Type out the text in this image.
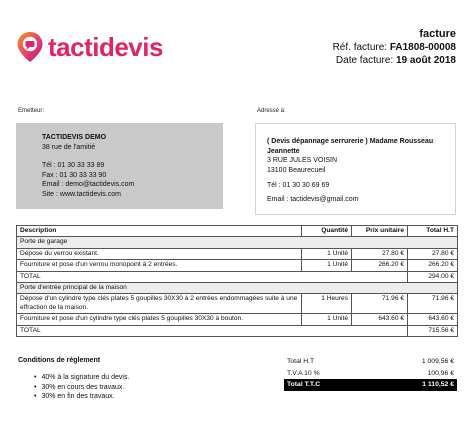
tactidevis	facture
Réf. facture: FA1808-00008
Date facture: 19 août 2018
Emetteur:	Adressé à:
TACTIDEVIS DEMO
38 rue de l'amitié
Tél : 01 30 33 33 89
Fax : 01 30 33 33 90
Email : demo@tactidevis.com
Site : www.tactidevis.com
( Devis dépannage serrurerie ) Madame Rousseau Jeannette
3 RUE JULES VOISIN
13100 Beaurecueil
Tél : 01 30 30 69 69
Email : tactidevis@gmail.com
Description	Quantité	Prix unitaire	Total H.T
Porte de garage			
Dépose du verrou existant.	1 Unité	27.80 €	27.80 €
Fourniture et pose d'un verrou monopoint à 2 entrées.	1 Unité	266.20 €	266.20 €
TOTAL			294.00 €
Porte d'entrée principal de la maison			
Dépose d'un cylindre type clés plates 5 goupilles 30X30 à 2 entrées endommagées suite à une effraction de la maison.	1 Heures	71.96 €	71.96 €
Fourniture et pose d'un cylindre type clés plates 5 goupilles 30X30 à bouton.	1 Unité	643.60 €	643.60 €
TOTAL			715.56 €
Conditions de règlement
• 40% à la signature du devis.
• 30% en cours des travaux.
• 30% en fin des travaux.
Total H.T	1 009,56 €
T.V.A 10 %	100,96 €
Total T.T.C	1 110,52 €
